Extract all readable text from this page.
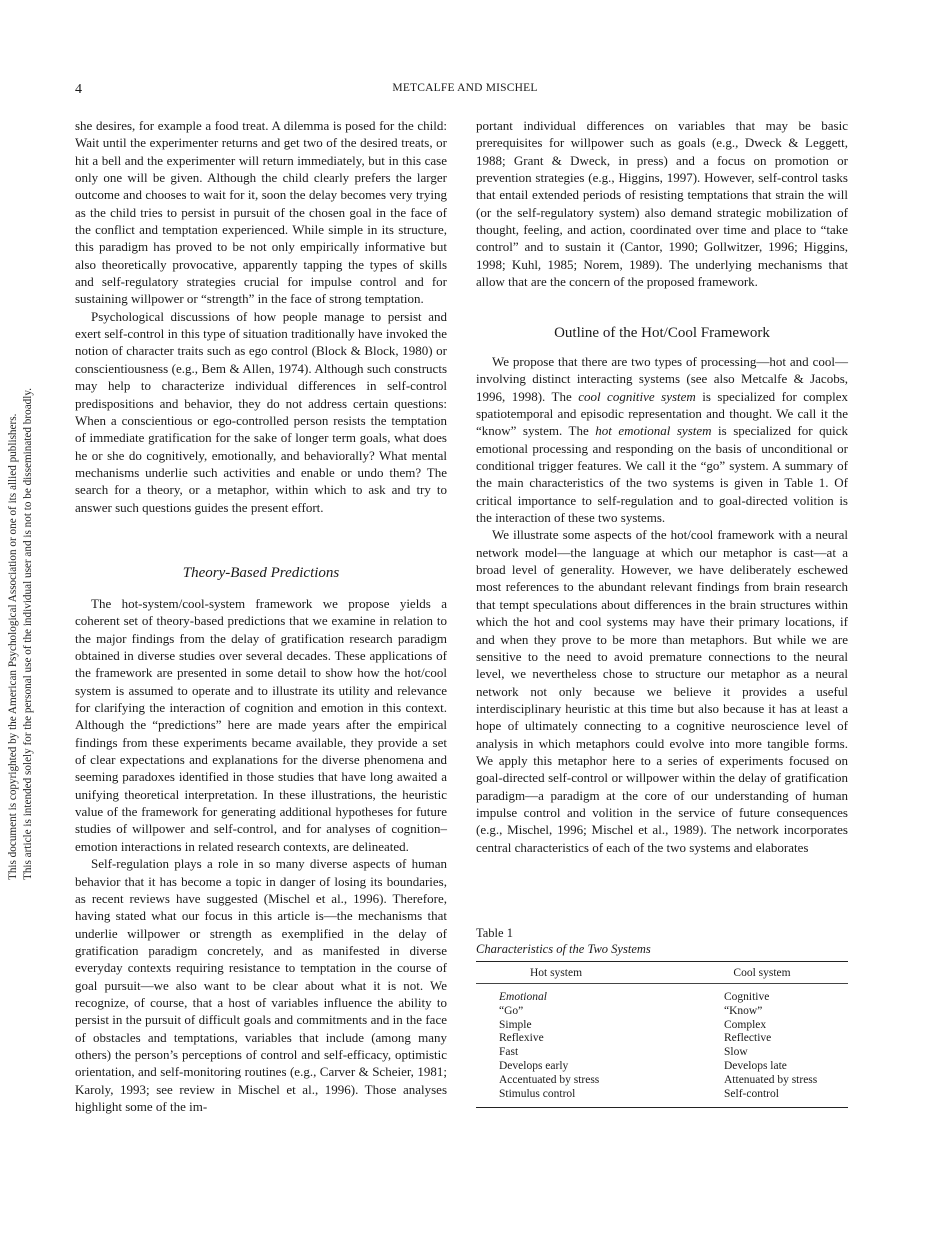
4	METCALFE AND MISCHEL
This document is copyrighted by the American Psychological Association or one of its allied publishers. This article is intended solely for the personal use of the individual user and is not to be disseminated broadly.

she desires, for example a food treat. A dilemma is posed for the child: Wait until the experimenter returns and get two of the desired treats, or hit a bell and the experimenter will return immediately, but in this case only one will be given. Although the child clearly prefers the larger outcome and chooses to wait for it, soon the delay becomes very trying as the child tries to persist in pursuit of the chosen goal in the face of the conflict and temptation experienced. While simple in its structure, this paradigm has proved to be not only empirically informative but also theoretically provocative, apparently tapping the types of skills and self-regulatory strategies crucial for impulse control and for sustaining willpower or “strength” in the face of strong temptation.

Psychological discussions of how people manage to persist and exert self-control in this type of situation traditionally have invoked the notion of character traits such as ego control (Block & Block, 1980) or conscientiousness (e.g., Bem & Allen, 1974). Although such constructs may help to characterize individual differences in self-control predispositions and behavior, they do not address certain questions: When a conscientious or ego-controlled person resists the temptation of immediate gratification for the sake of longer term goals, what does he or she do cognitively, emotionally, and behaviorally? What mental mechanisms underlie such activities and enable or undo them? The search for a theory, or a metaphor, within which to ask and try to answer such questions guides the present effort.

Theory-Based Predictions

The hot-system/cool-system framework we propose yields a coherent set of theory-based predictions that we examine in relation to the major findings from the delay of gratification research paradigm obtained in diverse studies over several decades. These applications of the framework are presented in some detail to show how the hot/cool system is assumed to operate and to illustrate its utility and relevance for clarifying the interaction of cognition and emotion in this context. Although the “predictions” here are made years after the empirical findings from these experiments became available, they provide a set of clear expectations and explanations for the diverse phenomena and seeming paradoxes identified in those studies that have long awaited a unifying theoretical interpretation. In these illustrations, the heuristic value of the framework for generating additional hypotheses for future studies of willpower and self-control, and for analyses of cognition–emotion interactions in related research contexts, are delineated.

Self-regulation plays a role in so many diverse aspects of human behavior that it has become a topic in danger of losing its boundaries, as recent reviews have suggested (Mischel et al., 1996). Therefore, having stated what our focus in this article is—the mechanisms that underlie willpower or strength as exemplified in the delay of gratification paradigm concretely, and as manifested in diverse everyday contexts requiring resistance to temptation in the course of goal pursuit—we also want to be clear about what it is not. We recognize, of course, that a host of variables influence the ability to persist in the pursuit of difficult goals and commitments and in the face of obstacles and temptations, variables that include (among many others) the person’s perceptions of control and self-efficacy, optimistic orientation, and self-monitoring routines (e.g., Carver & Scheier, 1981; Karoly, 1993; see review in Mischel et al., 1996). Those analyses highlight some of the im-

portant individual differences on variables that may be basic prerequisites for willpower such as goals (e.g., Dweck & Leggett, 1988; Grant & Dweck, in press) and a focus on promotion or prevention strategies (e.g., Higgins, 1997). However, self-control tasks that entail extended periods of resisting temptations that strain the will (or the self-regulatory system) also demand strategic mobilization of thought, feeling, and action, coordinated over time and place to “take control” and to sustain it (Cantor, 1990; Gollwitzer, 1996; Higgins, 1998; Kuhl, 1985; Norem, 1989). The underlying mechanisms that allow that are the concern of the proposed framework.

Outline of the Hot/Cool Framework

We propose that there are two types of processing—hot and cool—involving distinct interacting systems (see also Metcalfe & Jacobs, 1996, 1998). The cool cognitive system is specialized for complex spatiotemporal and episodic representation and thought. We call it the “know” system. The hot emotional system is specialized for quick emotional processing and responding on the basis of unconditional or conditional trigger features. We call it the “go” system. A summary of the main characteristics of the two systems is given in Table 1. Of critical importance to self-regulation and to goal-directed volition is the interaction of these two systems.

We illustrate some aspects of the hot/cool framework with a neural network model—the language at which our metaphor is cast—at a broad level of generality. However, we have deliberately eschewed most references to the abundant relevant findings from brain research that tempt speculations about differences in the brain structures within which the hot and cool systems may have their primary locations, if and when they prove to be more than metaphors. But while we are sensitive to the need to avoid premature connections to the neural level, we nevertheless chose to structure our metaphor as a neural network not only because we believe it provides a useful interdisciplinary heuristic at this time but also because it has at least a hope of ultimately connecting to a cognitive neuroscience level of analysis in which metaphors could evolve into more tangible forms. We apply this metaphor here to a series of experiments focused on goal-directed self-control or willpower within the delay of gratification paradigm—a paradigm at the core of our understanding of human impulse control and volition in the service of future consequences (e.g., Mischel, 1996; Mischel et al., 1989). The network incorporates central characteristics of each of the two systems and elaborates

Table 1
Characteristics of the Two Systems
Hot system	Cool system
Emotional
“Go”
Simple
Reflexive
Fast
Develops early
Accentuated by stress
Stimulus control
Cognitive
“Know”
Complex
Reflective
Slow
Develops late
Attenuated by stress
Self-control
